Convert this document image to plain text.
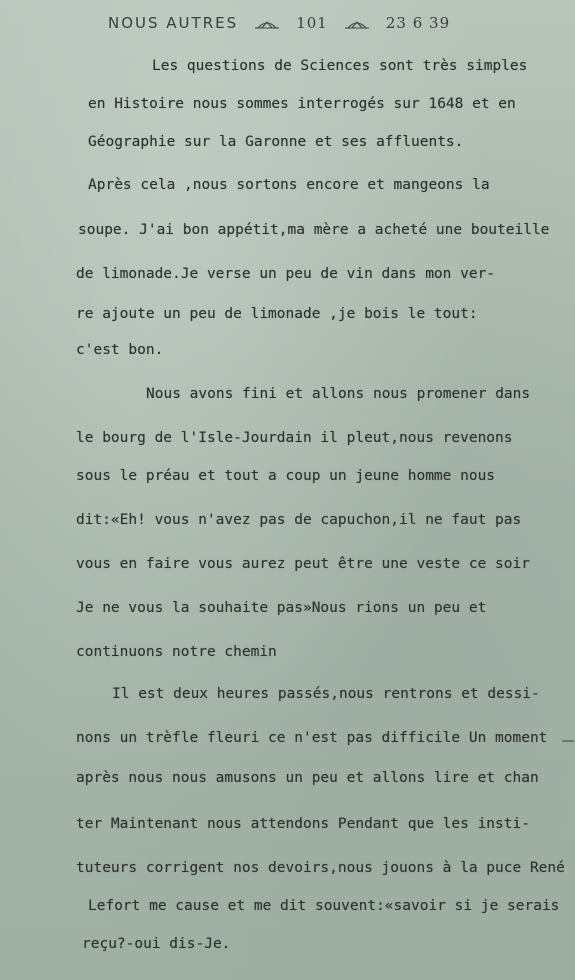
NOUS AUTRES	101	23 6 39
Les questions de Sciences sont très simples
en Histoire nous sommes interrogés sur 1648 et en
Géographie sur la Garonne et ses affluents.
Après cela ,nous sortons encore et mangeons la
soupe. J'ai bon appétit,ma mère a acheté une bouteille
de limonade.Je verse un peu de vin dans mon ver-
re ajoute un peu de limonade ,je bois le tout:
c'est bon.
Nous avons fini et allons nous promener dans
le bourg de l'Isle-Jourdain il pleut,nous revenons
sous le préau et tout a coup un jeune homme nous
dit:«Eh! vous n'avez pas de capuchon,il ne faut pas
vous en faire vous aurez peut être une veste ce soir
Je ne vous la souhaite pas»Nous rions un peu et
continuons notre chemin
Il est deux heures passés,nous rentrons et dessi-
nons un trèfle fleuri ce n'est pas difficile Un moment
après nous nous amusons un peu et allons lire et chan
ter Maintenant nous attendons Pendant que les insti-
tuteurs corrigent nos devoirs,nous jouons à la puce René
Lefort me cause et me dit souvent:«savoir si je serais
reçu?-oui dis-Je.
